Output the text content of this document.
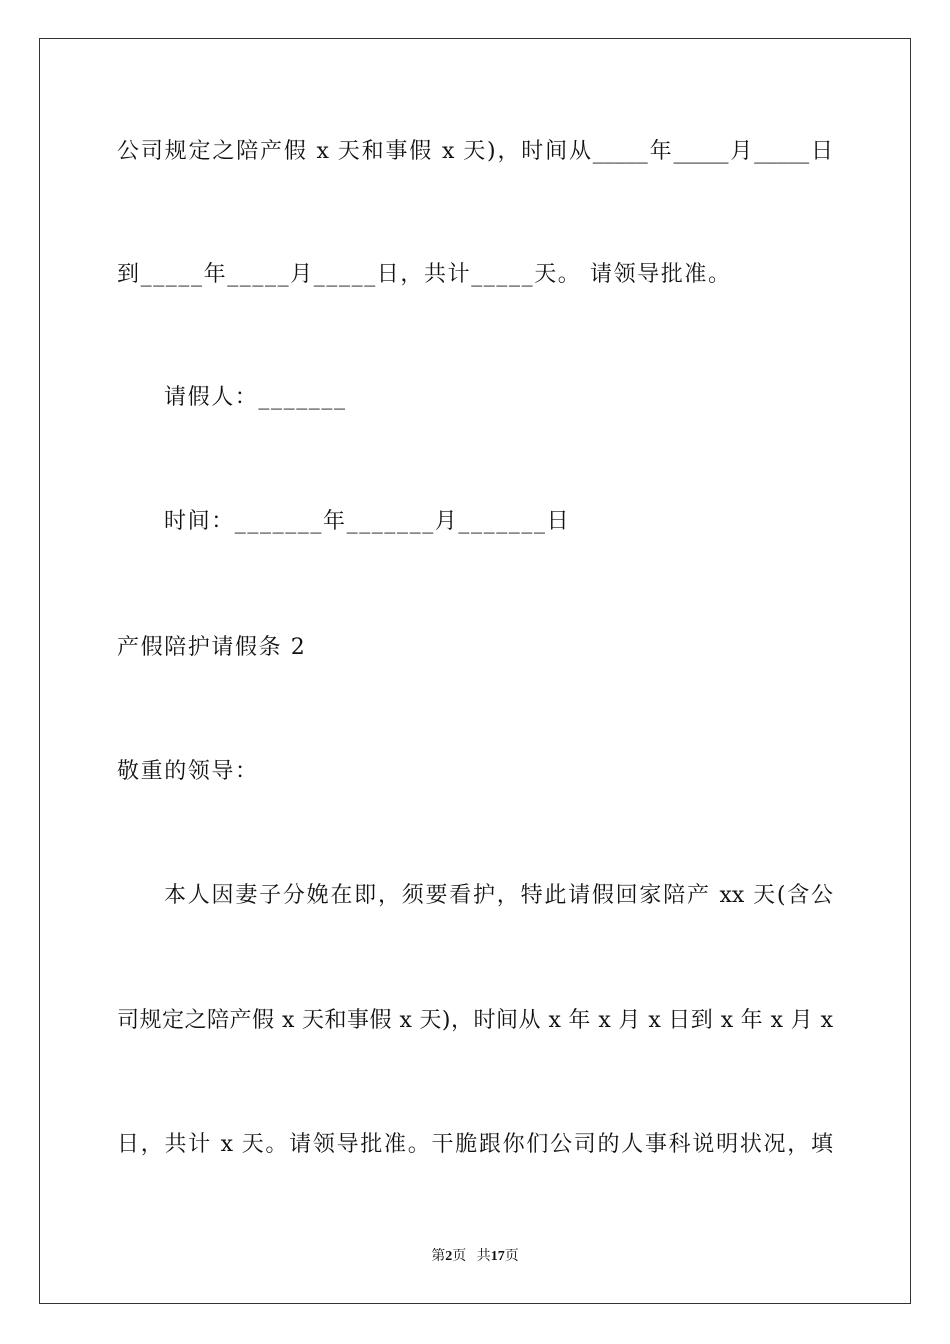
公司规定之陪产假 x 天和事假 x 天)，时间从_____年_____月_____日
到_____年_____月_____日，共计_____天。 请领导批准。
请假人：_______
时间：_______年_______月_______日
产假陪护请假条 2
敬重的领导：
本人因妻子分娩在即，须要看护，特此请假回家陪产 xx 天(含公
司规定之陪产假 x 天和事假 x 天)，时间从 x 年 x 月 x 日到 x 年 x 月 x
日，共计 x 天。请领导批准。干脆跟你们公司的人事科说明状况，填
第2页   共17页
